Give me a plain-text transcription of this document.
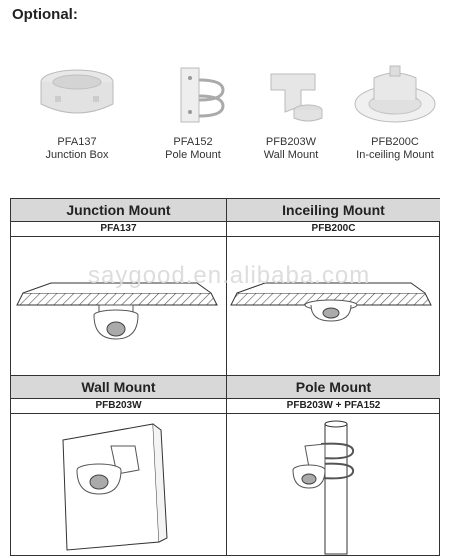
Optional:
PFA137
Junction Box
PFA152
Pole Mount
PFB203W
Wall Mount
PFB200C
In-ceiling Mount
Junction Mount
PFA137
Inceiling Mount
PFB200C
Wall Mount
PFB203W
Pole Mount
PFB203W + PFA152
saygood.en.alibaba.com
